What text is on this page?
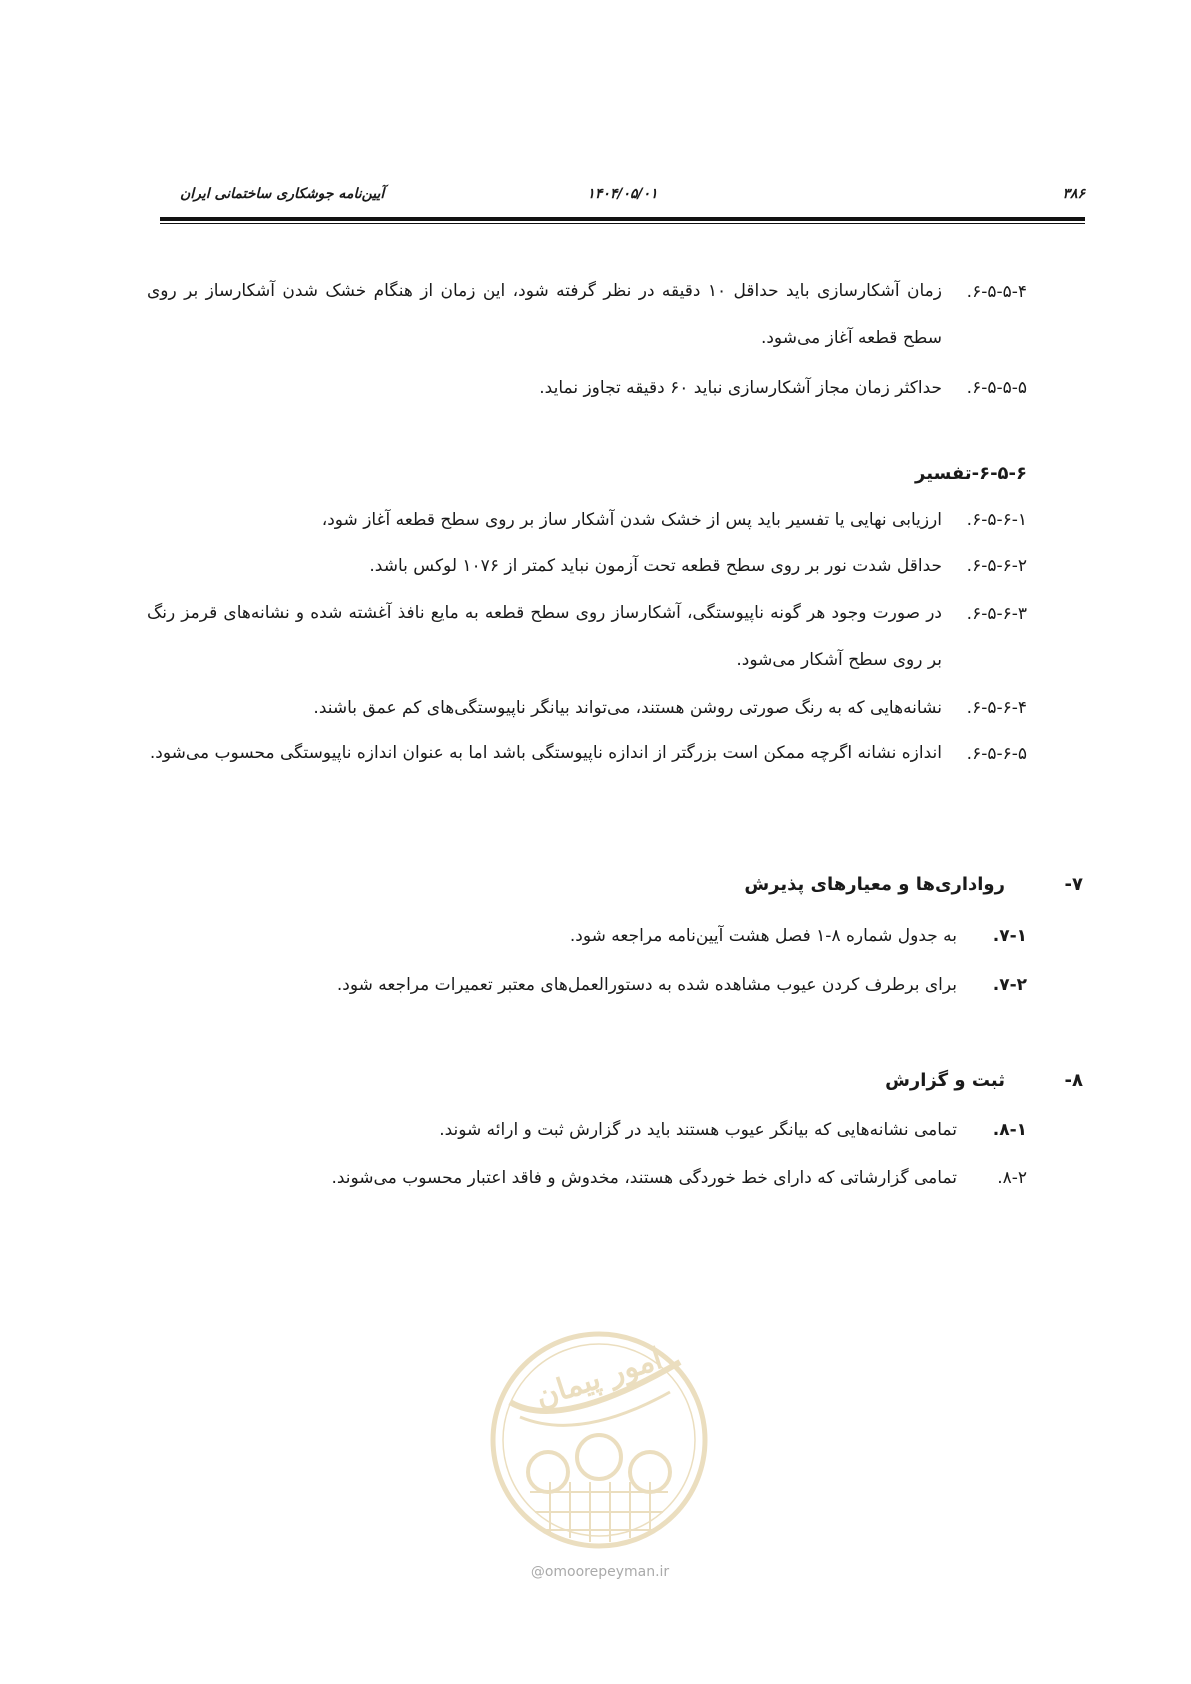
۳۸۶
۱۴۰۴/۰۵/۰۱
آیین‌نامه جوشکاری ساختمانی ایران
۶-۵-۵-۴.
زمان آشکارسازی باید حداقل ۱۰ دقیقه در نظر گرفته شود، این زمان از هنگام خشک شدن آشکارساز بر روی سطح قطعه آغاز می‌شود.
۶-۵-۵-۵.
حداکثر زمان مجاز آشکارسازی نباید ۶۰ دقیقه تجاوز نماید.
۶-۵-۶-تفسیر
۶-۵-۶-۱.
ارزیابی نهایی یا تفسیر باید پس از خشک شدن آشکار ساز بر روی سطح قطعه آغاز شود،
۶-۵-۶-۲.
حداقل شدت نور بر روی سطح قطعه تحت آزمون نباید کمتر از ۱۰۷۶ لوکس باشد.
۶-۵-۶-۳.
در صورت وجود هر گونه ناپیوستگی، آشکارساز روی سطح قطعه به مایع نافذ آغشته شده و نشانه‌های قرمز رنگ بر روی سطح آشکار می‌شود.
۶-۵-۶-۴.
نشانه‌هایی که به رنگ صورتی روشن هستند، می‌تواند بیانگر ناپیوستگی‌های کم عمق باشند.
۶-۵-۶-۵.
اندازه نشانه اگرچه ممکن است بزرگتر از اندازه ناپیوستگی باشد اما به عنوان اندازه ناپیوستگی محسوب می‌شود.
۷-
رواداری‌ها و معیارهای پذیرش
۷-۱.
به جدول شماره ۸-۱ فصل هشت آیین‌نامه مراجعه شود.
۷-۲.
برای برطرف کردن عیوب مشاهده شده به دستورالعمل‌های معتبر تعمیرات مراجعه شود.
۸-
ثبت و گزارش
۸-۱.
تمامی نشانه‌هایی که بیانگر عیوب هستند باید در گزارش ثبت و ارائه شوند.
۸-۲.
تمامی گزارشاتی که دارای خط خوردگی هستند، مخدوش و فاقد اعتبار محسوب می‌شوند.
امور پیمان
@omoorepeyman.ir
